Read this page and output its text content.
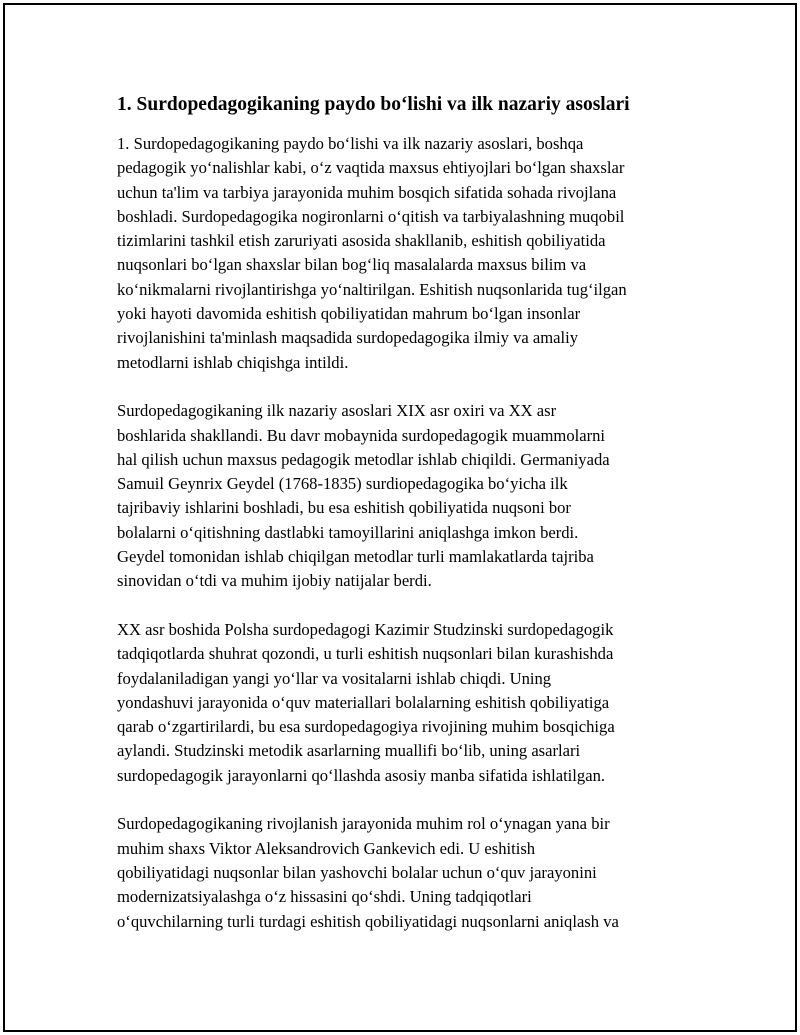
1. Surdopedagogikaning paydo bo‘lishi va ilk nazariy asoslari
1. Surdopedagogikaning paydo bo‘lishi va ilk nazariy asoslari, boshqa
pedagogik yo‘nalishlar kabi, o‘z vaqtida maxsus ehtiyojlari bo‘lgan shaxslar
uchun ta'lim va tarbiya jarayonida muhim bosqich sifatida sohada rivojlana
boshladi. Surdopedagogika nogironlarni o‘qitish va tarbiyalashning muqobil
tizimlarini tashkil etish zaruriyati asosida shakllanib, eshitish qobiliyatida
nuqsonlari bo‘lgan shaxslar bilan bog‘liq masalalarda maxsus bilim va
ko‘nikmalarni rivojlantirishga yo‘naltirilgan. Eshitish nuqsonlarida tug‘ilgan
yoki hayoti davomida eshitish qobiliyatidan mahrum bo‘lgan insonlar
rivojlanishini ta'minlash maqsadida surdopedagogika ilmiy va amaliy
metodlarni ishlab chiqishga intildi.
Surdopedagogikaning ilk nazariy asoslari XIX asr oxiri va XX asr
boshlarida shakllandi. Bu davr mobaynida surdopedagogik muammolarni
hal qilish uchun maxsus pedagogik metodlar ishlab chiqildi. Germaniyada
Samuil Geynrix Geydel (1768-1835) surdiopedagogika bo‘yicha ilk
tajribaviy ishlarini boshladi, bu esa eshitish qobiliyatida nuqsoni bor
bolalarni o‘qitishning dastlabki tamoyillarini aniqlashga imkon berdi.
Geydel tomonidan ishlab chiqilgan metodlar turli mamlakatlarda tajriba
sinovidan o‘tdi va muhim ijobiy natijalar berdi.
XX asr boshida Polsha surdopedagogi Kazimir Studzinski surdopedagogik
tadqiqotlarda shuhrat qozondi, u turli eshitish nuqsonlari bilan kurashishda
foydalaniladigan yangi yo‘llar va vositalarni ishlab chiqdi. Uning
yondashuvi jarayonida o‘quv materiallari bolalarning eshitish qobiliyatiga
qarab o‘zgartirilardi, bu esa surdopedagogiya rivojining muhim bosqichiga
aylandi. Studzinski metodik asarlarning muallifi bo‘lib, uning asarlari
surdopedagogik jarayonlarni qo‘llashda asosiy manba sifatida ishlatilgan.
Surdopedagogikaning rivojlanish jarayonida muhim rol o‘ynagan yana bir
muhim shaxs Viktor Aleksandrovich Gankevich edi. U eshitish
qobiliyatidagi nuqsonlar bilan yashovchi bolalar uchun o‘quv jarayonini
modernizatsiyalashga o‘z hissasini qo‘shdi. Uning tadqiqotlari
o‘quvchilarning turli turdagi eshitish qobiliyatidagi nuqsonlarni aniqlash va
